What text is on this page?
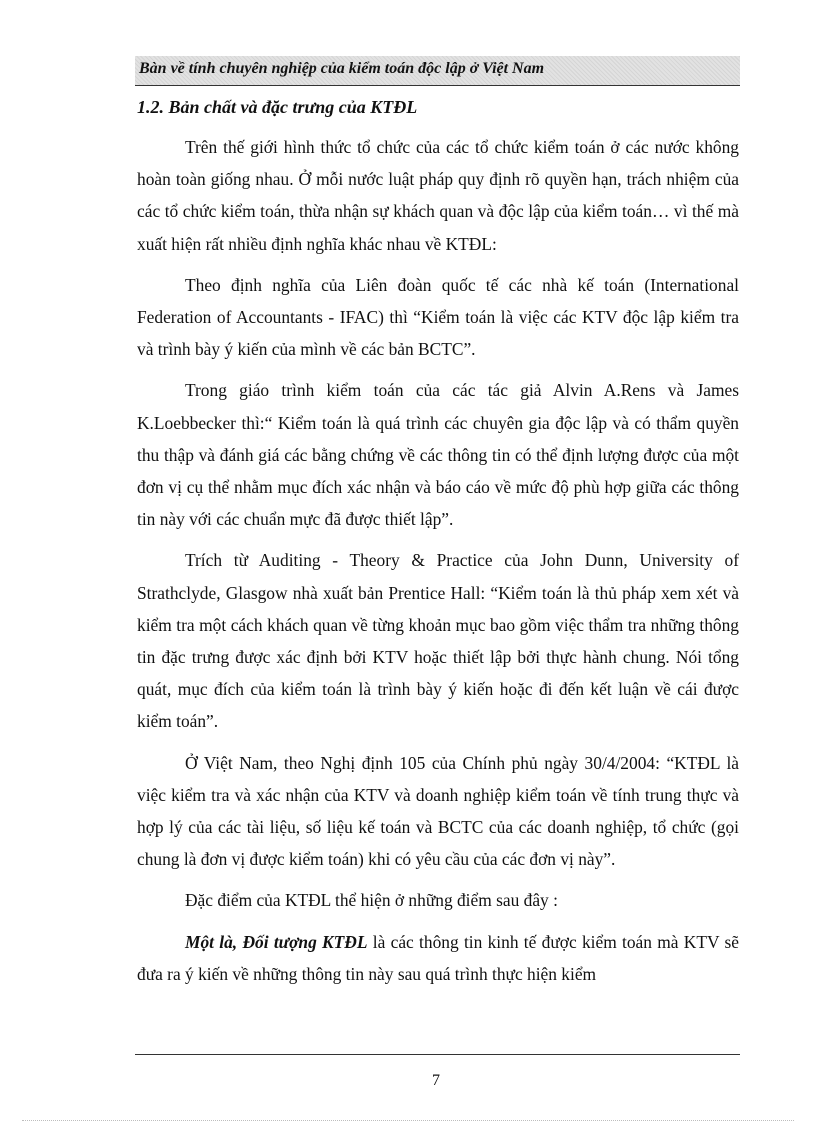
Bàn về tính chuyên nghiệp của kiểm toán độc lập ở Việt Nam
1.2. Bản chất và đặc trưng của KTĐL

Trên thế giới hình thức tổ chức của các tổ chức kiểm toán ở các nước không hoàn toàn giống nhau. Ở mỗi nước luật pháp quy định rõ quyền hạn, trách nhiệm của các tổ chức kiểm toán, thừa nhận sự khách quan và độc lập của kiểm toán… vì thế mà xuất hiện rất nhiều định nghĩa khác nhau về KTĐL:

Theo định nghĩa của Liên đoàn quốc tế các nhà kế toán (International Federation of Accountants - IFAC) thì “Kiểm toán là việc các KTV độc lập kiểm tra và trình bày ý kiến của mình về các bản BCTC”.

Trong giáo trình kiểm toán của các tác giả Alvin A.Rens và James K.Loebbecker thì:“ Kiểm toán là quá trình các chuyên gia độc lập và có thẩm quyền thu thập và đánh giá các bằng chứng về các thông tin có thể định lượng được của một đơn vị cụ thể nhằm mục đích xác nhận và báo cáo về mức độ phù hợp giữa các thông tin này với các chuẩn mực đã được thiết lập”.

Trích từ Auditing - Theory & Practice của John Dunn, University of Strathclyde, Glasgow nhà xuất bản Prentice Hall: “Kiểm toán là thủ pháp xem xét và kiểm tra một cách khách quan về từng khoản mục bao gồm việc thẩm tra những thông tin đặc trưng được xác định bởi KTV hoặc thiết lập bởi thực hành chung. Nói tổng quát, mục đích của kiểm toán là trình bày ý kiến hoặc đi đến kết luận về cái được kiểm toán”.

Ở Việt Nam, theo Nghị định 105 của Chính phủ ngày 30/4/2004: “KTĐL là việc kiểm tra và xác nhận của KTV và doanh nghiệp kiểm toán về tính trung thực và hợp lý của các tài liệu, số liệu kế toán và BCTC của các doanh nghiệp, tổ chức (gọi chung là đơn vị được kiểm toán) khi có yêu cầu của các đơn vị này”.

Đặc điểm của KTĐL thể hiện ở những điểm sau đây :

Một là, Đối tượng KTĐL là các thông tin kinh tế được kiểm toán mà KTV sẽ đưa ra ý kiến về những thông tin này sau quá trình thực hiện kiểm

7
